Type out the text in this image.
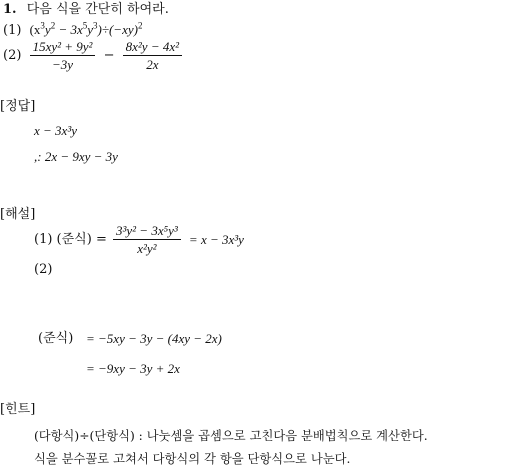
1. 다음 식을 간단히 하여라.
(1) $(x^3y^2 - 3x^5y^3)\div(-xy)^2$
$(2) \frac{\text{15xy² + 9y²}}{-3y} - \frac{\text{8x²y − 4x²}}{2x}$
[정답]
x − 3x³y
,: 2x − 9xy − 3y
[해설]
(1) (준식) = $\frac{\text{3³y² − 3x⁵y³}}{\text{x²y²}} = x - 3x^3y$
(2)
(준식) = −5xy − 3y − (4xy − 2x)
= −9xy − 3y + 2x
[힌트]
(다항식)÷(단항식) : 나눗셈을 곱셈으로 고친다음 분배법칙으로 계산한다.
식을 분수꼴로 고쳐서 다항식의 각 항을 단항식으로 나눈다.
